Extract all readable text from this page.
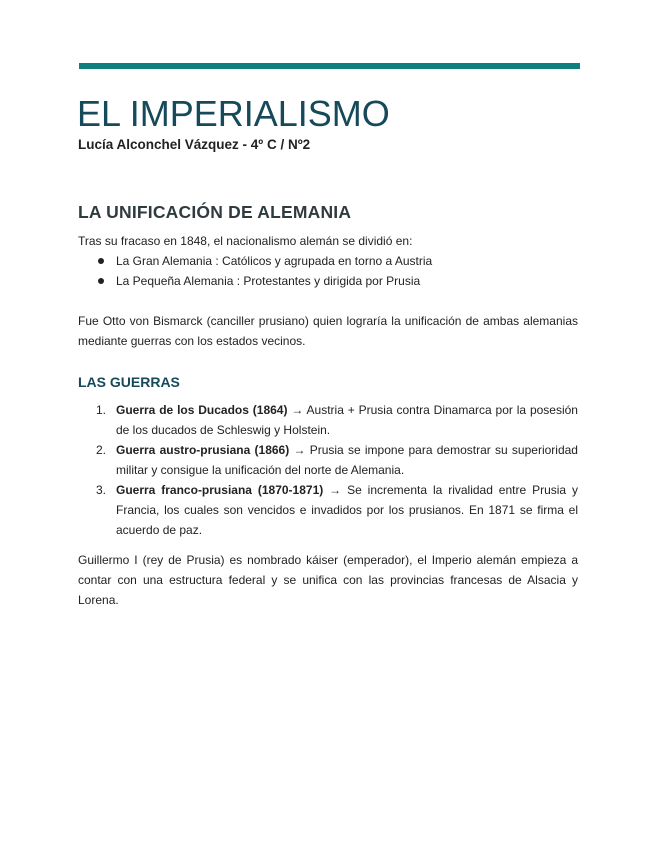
EL IMPERIALISMO
Lucía Alconchel Vázquez - 4º C / Nº2
LA UNIFICACIÓN DE ALEMANIA

Tras su fracaso en 1848, el nacionalismo alemán se dividió en:

La Gran Alemania : Católicos y agrupada en torno a Austria
La Pequeña Alemania : Protestantes y dirigida por Prusia

Fue Otto von Bismarck (canciller prusiano) quien lograría la unificación de ambas alemanias mediante guerras con los estados vecinos.

LAS GUERRAS
1. Guerra de los Ducados (1864) → Austria + Prusia contra Dinamarca por la posesión de los ducados de Schleswig y Holstein.
2. Guerra austro-prusiana (1866) → Prusia se impone para demostrar su superioridad militar y consigue la unificación del norte de Alemania.
3. Guerra franco-prusiana (1870-1871) → Se incrementa la rivalidad entre Prusia y Francia, los cuales son vencidos e invadidos por los prusianos. En 1871 se firma el acuerdo de paz.

Guillermo I (rey de Prusia) es nombrado káiser (emperador), el Imperio alemán empieza a contar con una estructura federal y se unifica con las provincias francesas de Alsacia y Lorena.
